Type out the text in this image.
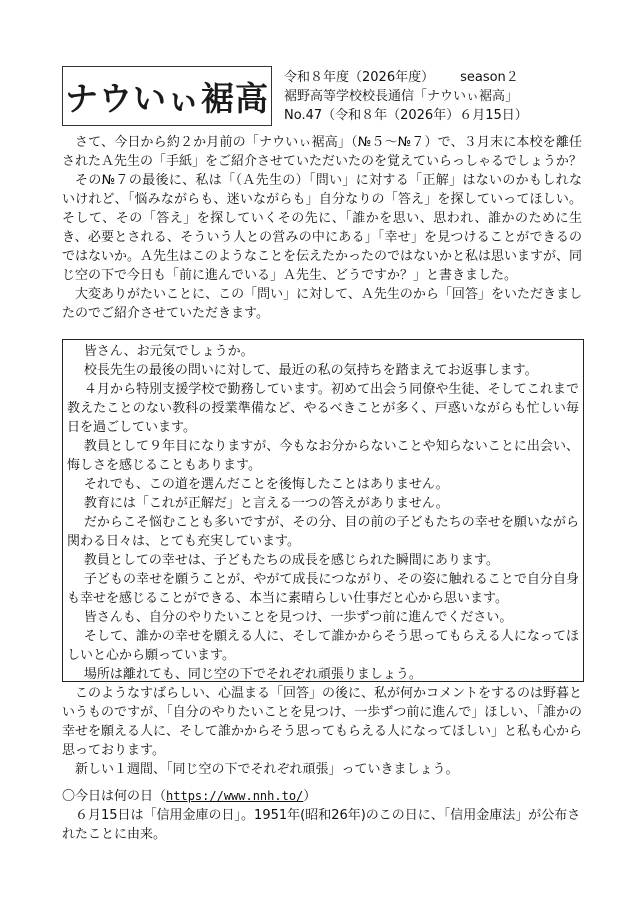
ナウいぃ裾高
令和８年度（2026年度） season２
裾野高等学校校長通信「ナウいぃ裾高」
No.47（令和８年（2026年）６月15日）

さて、今日から約２か月前の「ナウいぃ裾高」（№５～№７）で、３月末に本校を離任されたＡ先生の「手紙」をご紹介させていただいたのを覚えていらっしゃるでしょうか？

その№７の最後に、私は「（Ａ先生の）「問い」に対する「正解」はないのかもしれないけれど、「悩みながらも、迷いながらも」自分なりの「答え」を探していってほしい。そして、その「答え」を探していくその先に、「誰かを思い、思われ、誰かのために生き、必要とされる、そういう人との営みの中にある」「幸せ」を見つけることができるのではないか。Ａ先生はこのようなことを伝えたかったのではないかと私は思いますが、同じ空の下で今日も「前に進んでいる」Ａ先生、どうですか？」と書きました。

大変ありがたいことに、この「問い」に対して、Ａ先生のから「回答」をいただきましたのでご紹介させていただきます。

皆さん、お元気でしょうか。

校長先生の最後の問いに対して、最近の私の気持ちを踏まえてお返事します。

４月から特別支援学校で勤務しています。初めて出会う同僚や生徒、そしてこれまで教えたことのない教科の授業準備など、やるべきことが多く、戸惑いながらも忙しい毎日を過ごしています。

教員として９年目になりますが、今もなお分からないことや知らないことに出会い、悔しさを感じることもあります。

それでも、この道を選んだことを後悔したことはありません。

教育には「これが正解だ」と言える一つの答えがありません。

だからこそ悩むことも多いですが、その分、目の前の子どもたちの幸せを願いながら関わる日々は、とても充実しています。

教員としての幸せは、子どもたちの成長を感じられた瞬間にあります。

子どもの幸せを願うことが、やがて成長につながり、その姿に触れることで自分自身も幸せを感じることができる、本当に素晴らしい仕事だと心から思います。

皆さんも、自分のやりたいことを見つけ、一歩ずつ前に進んでください。

そして、誰かの幸せを願える人に、そして誰かからそう思ってもらえる人になってほしいと心から願っています。

場所は離れても、同じ空の下でそれぞれ頑張りましょう。

このようなすばらしい、心温まる「回答」の後に、私が何かコメントをするのは野暮というものですが、「自分のやりたいことを見つけ、一歩ずつ前に進んで」ほしい、「誰かの幸せを願える人に、そして誰かからそう思ってもらえる人になってほしい」と私も心から思っております。

新しい１週間、「同じ空の下でそれぞれ頑張」っていきましょう。

〇今日は何の日（https://www.nnh.to/）

６月15日は「信用金庫の日」。1951年(昭和26年)のこの日に、「信用金庫法」が公布されたことに由来。
